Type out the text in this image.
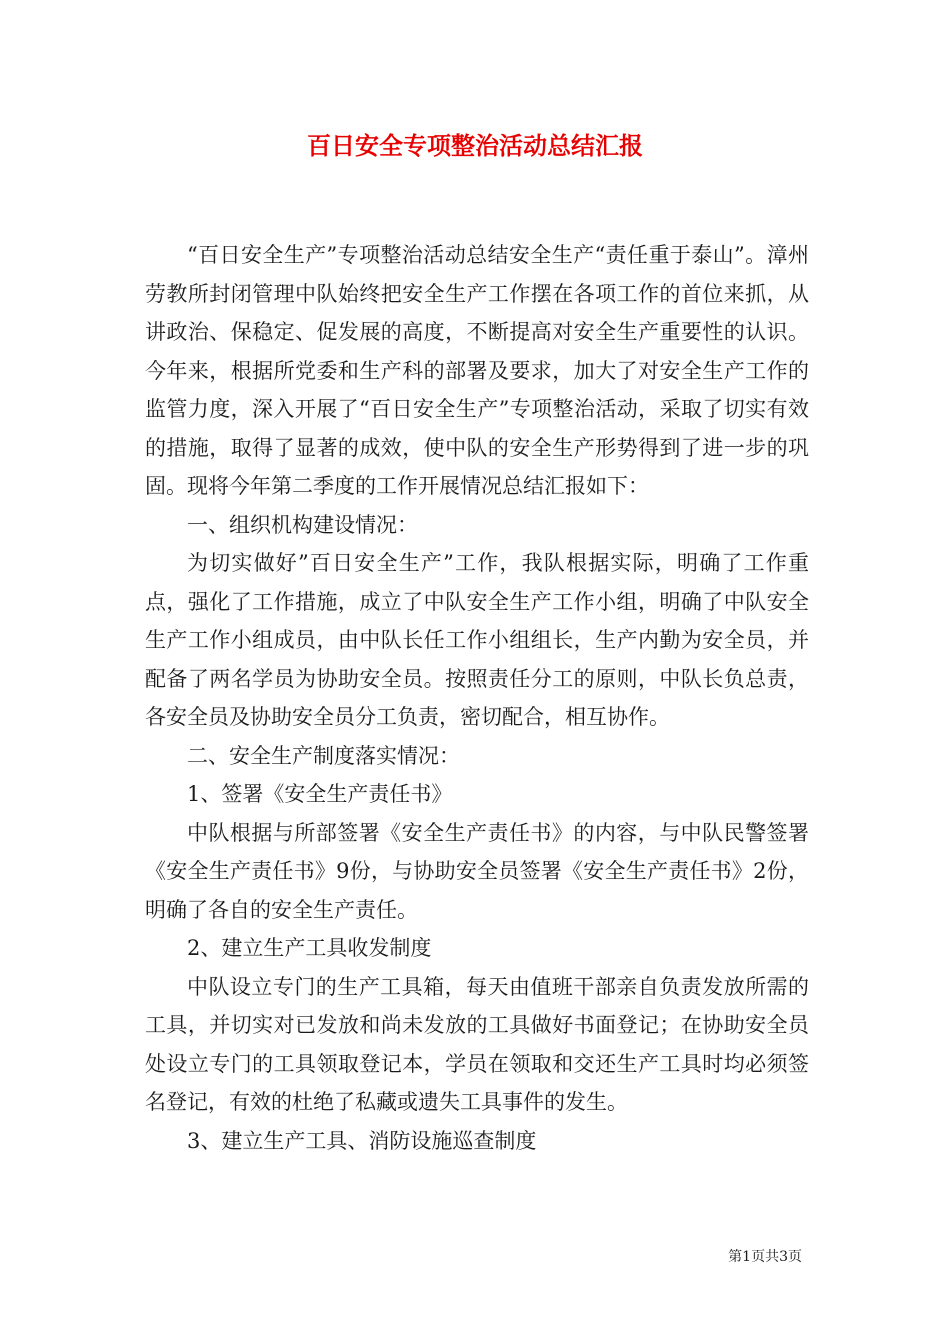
百日安全专项整治活动总结汇报

“百日安全生产”专项整治活动总结安全生产“责任重于泰山”。漳州劳教所封闭管理中队始终把安全生产工作摆在各项工作的首位来抓，从讲政治、保稳定、促发展的高度，不断提高对安全生产重要性的认识。今年来，根据所党委和生产科的部署及要求，加大了对安全生产工作的监管力度，深入开展了“百日安全生产”专项整治活动，采取了切实有效的措施，取得了显著的成效，使中队的安全生产形势得到了进一步的巩固。现将今年第二季度的工作开展情况总结汇报如下：

一、组织机构建设情况：

为切实做好”百日安全生产”工作，我队根据实际，明确了工作重点，强化了工作措施，成立了中队安全生产工作小组，明确了中队安全生产工作小组成员，由中队长任工作小组组长，生产内勤为安全员，并配备了两名学员为协助安全员。按照责任分工的原则，中队长负总责，各安全员及协助安全员分工负责，密切配合，相互协作。

二、安全生产制度落实情况：

1、签署《安全生产责任书》

中队根据与所部签署《安全生产责任书》的内容，与中队民警签署《安全生产责任书》9份，与协助安全员签署《安全生产责任书》2份，明确了各自的安全生产责任。

2、建立生产工具收发制度

中队设立专门的生产工具箱，每天由值班干部亲自负责发放所需的工具，并切实对已发放和尚未发放的工具做好书面登记；在协助安全员处设立专门的工具领取登记本，学员在领取和交还生产工具时均必须签名登记，有效的杜绝了私藏或遗失工具事件的发生。

3、建立生产工具、消防设施巡查制度

第1页共3页
